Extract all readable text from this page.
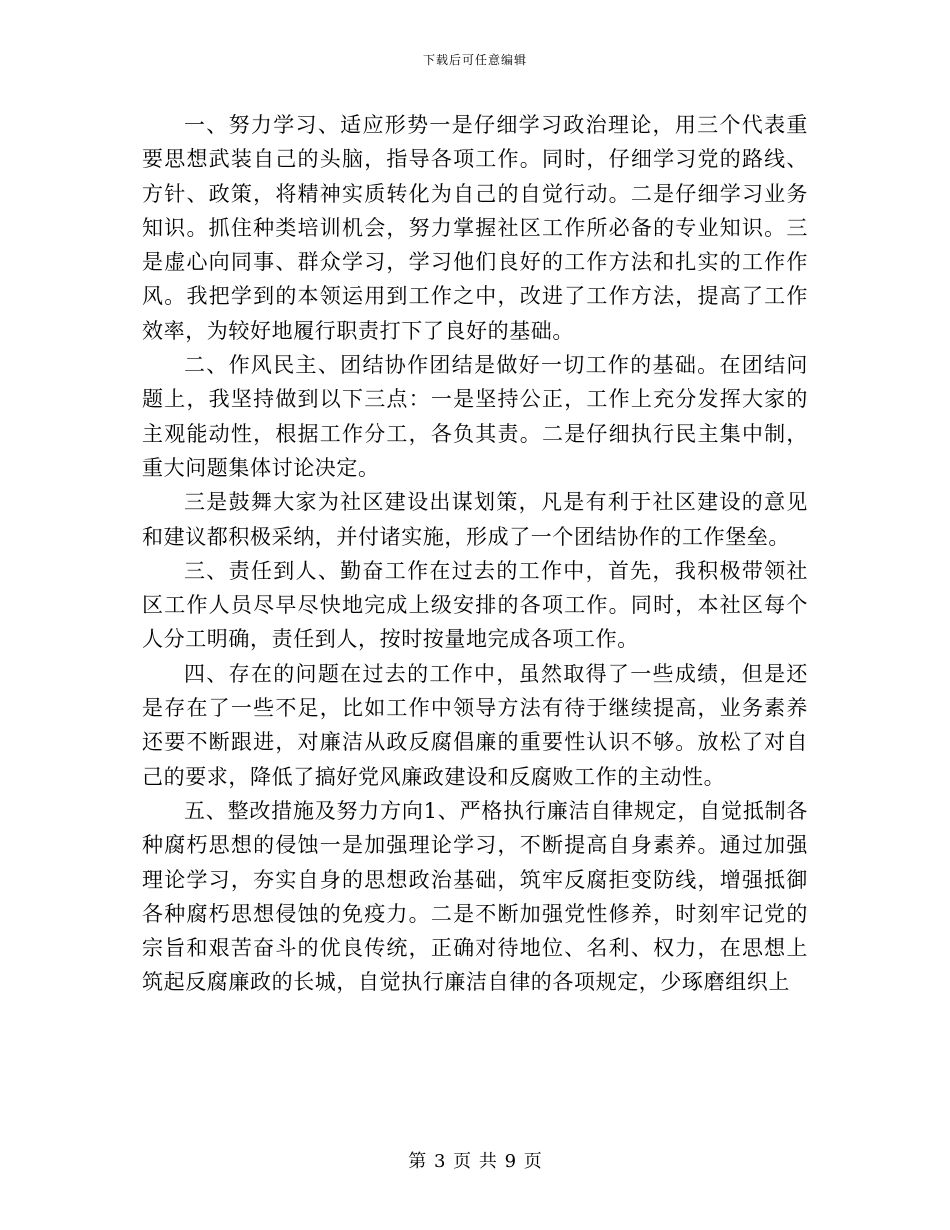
下载后可任意编辑

一、努力学习、适应形势一是仔细学习政治理论，用三个代表重要思想武装自己的头脑，指导各项工作。同时，仔细学习党的路线、方针、政策，将精神实质转化为自己的自觉行动。二是仔细学习业务知识。抓住种类培训机会，努力掌握社区工作所必备的专业知识。三是虚心向同事、群众学习，学习他们良好的工作方法和扎实的工作作风。我把学到的本领运用到工作之中，改进了工作方法，提高了工作效率，为较好地履行职责打下了良好的基础。

二、作风民主、团结协作团结是做好一切工作的基础。在团结问题上，我坚持做到以下三点：一是坚持公正，工作上充分发挥大家的主观能动性，根据工作分工，各负其责。二是仔细执行民主集中制，重大问题集体讨论决定。

三是鼓舞大家为社区建设出谋划策，凡是有利于社区建设的意见和建议都积极采纳，并付诸实施，形成了一个团结协作的工作堡垒。

三、责任到人、勤奋工作在过去的工作中，首先，我积极带领社区工作人员尽早尽快地完成上级安排的各项工作。同时，本社区每个人分工明确，责任到人，按时按量地完成各项工作。

四、存在的问题在过去的工作中，虽然取得了一些成绩，但是还是存在了一些不足，比如工作中领导方法有待于继续提高，业务素养还要不断跟进，对廉洁从政反腐倡廉的重要性认识不够。放松了对自己的要求，降低了搞好党风廉政建设和反腐败工作的主动性。

五、整改措施及努力方向1、严格执行廉洁自律规定，自觉抵制各种腐朽思想的侵蚀一是加强理论学习，不断提高自身素养。通过加强理论学习，夯实自身的思想政治基础，筑牢反腐拒变防线，增强抵御各种腐朽思想侵蚀的免疫力。二是不断加强党性修养，时刻牢记党的宗旨和艰苦奋斗的优良传统，正确对待地位、名利、权力，在思想上筑起反腐廉政的长城，自觉执行廉洁自律的各项规定，少琢磨组织上

第 3 页 共 9 页
